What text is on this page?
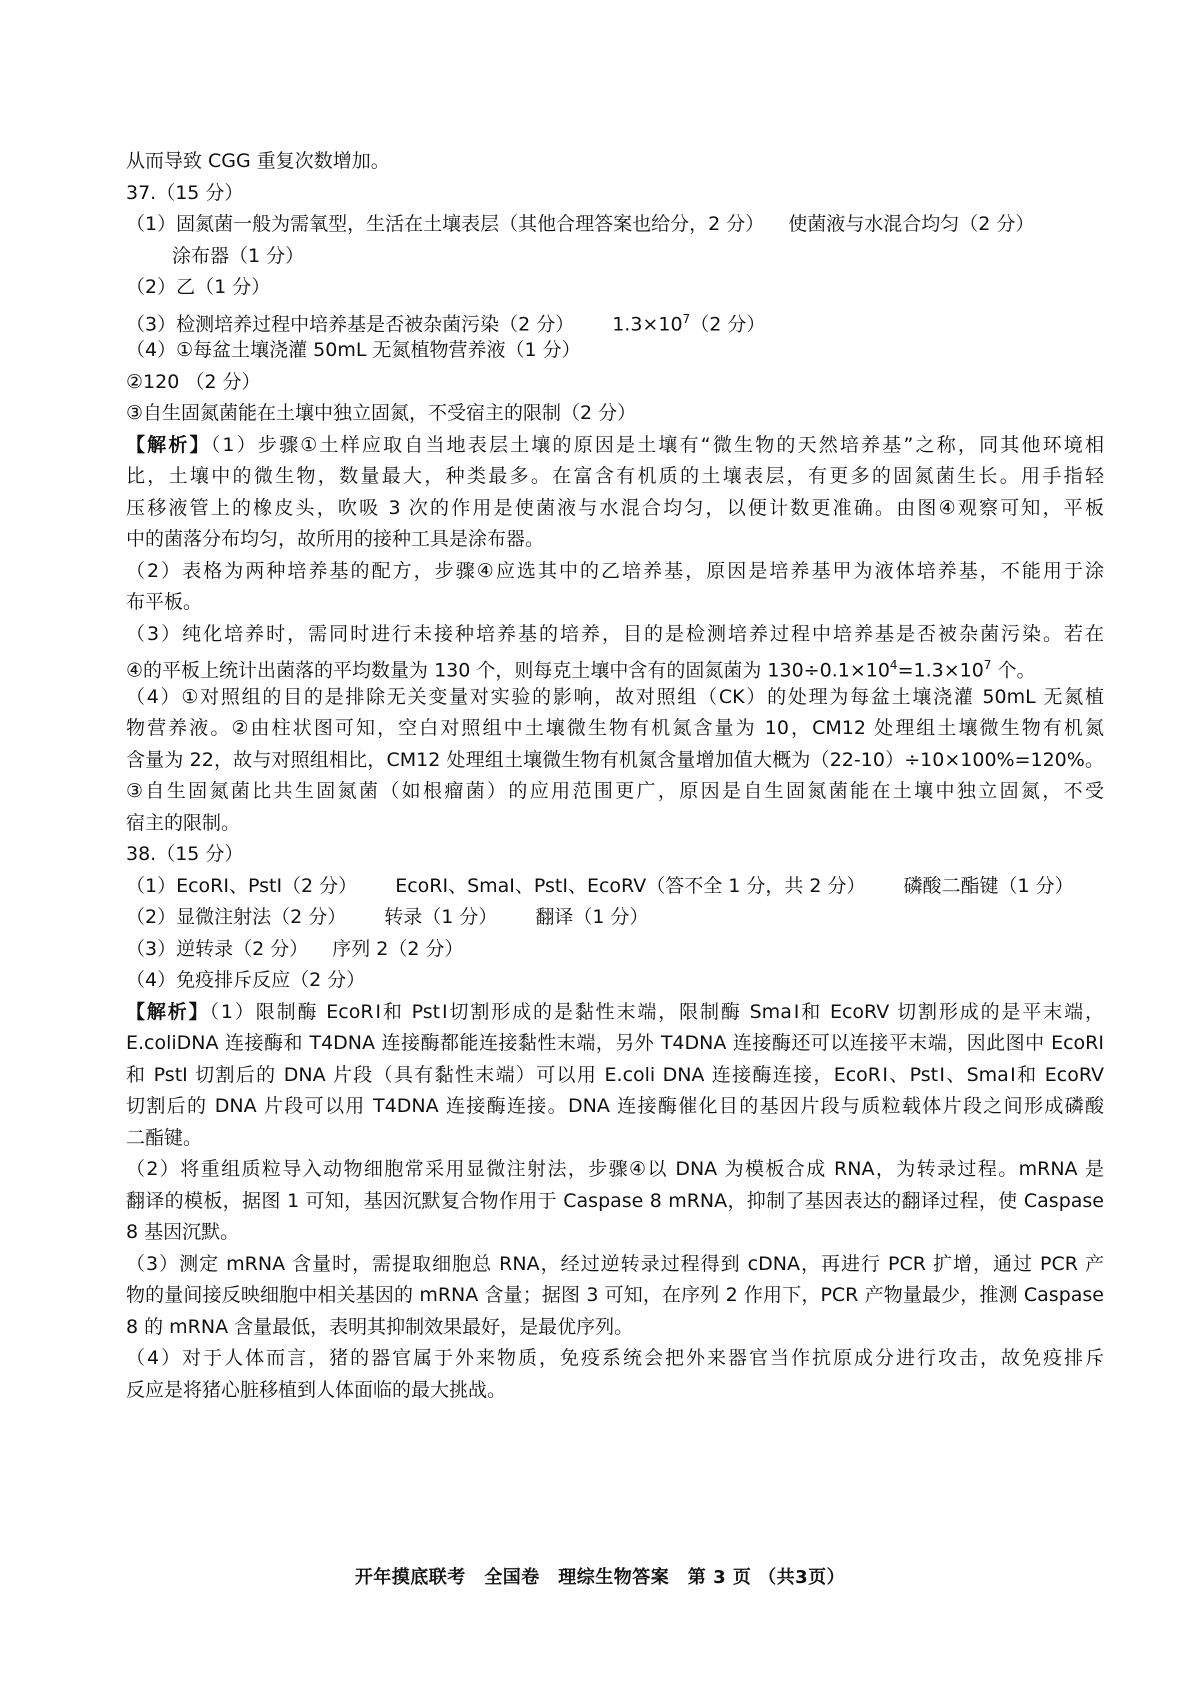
从而导致 CGG 重复次数增加。
37.（15 分）
（1）固氮菌一般为需氧型，生活在土壤表层（其他合理答案也给分，2 分） 使菌液与水混合均匀（2 分）
涂布器（1 分）
（2）乙（1 分）
（3）检测培养过程中培养基是否被杂菌污染（2 分） $1.3\times 10^7(2$ 分）
（4）①每盆土壤浇灌 50mL 无氮植物营养液（1 分）
②120 （2 分）
③自生固氮菌能在土壤中独立固氮，不受宿主的限制（2 分）
【解析】（1）步骤①土样应取自当地表层土壤的原因是土壤有“微生物的天然培养基”之称，同其他环境相
比，土壤中的微生物，数量最大，种类最多。在富含有机质的土壤表层，有更多的固氮菌生长。用手指轻
压移液管上的橡皮头，吹吸 3 次的作用是使菌液与水混合均匀，以便计数更准确。由图④观察可知，平板
中的菌落分布均匀，故所用的接种工具是涂布器。
（2）表格为两种培养基的配方，步骤④应选其中的乙培养基，原因是培养基甲为液体培养基，不能用于涂
布平板。
（3）纯化培养时，需同时进行未接种培养基的培养，目的是检测培养过程中培养基是否被杂菌污染。若在
④的平板上统计出菌落的平均数量为 130 个，则每克土壤中含有的固氮菌为 $130\div 0.1\times 10^4=1.3\times 10^7$ 个。
（4）①对照组的目的是排除无关变量对实验的影响，故对照组（CK）的处理为每盆土壤浇灌 50mL 无氮植
物营养液。②由柱状图可知，空白对照组中土壤微生物有机氮含量为 10，CM12 处理组土壤微生物有机氮
含量为 22，故与对照组相比，CM12 处理组土壤微生物有机氮含量增加值大概为（22-10）÷10×100%=120%。
③自生固氮菌比共生固氮菌（如根瘤菌）的应用范围更广，原因是自生固氮菌能在土壤中独立固氮，不受
宿主的限制。
38.（15 分）
（1）EcoRI、PstI（2 分） EcoRI、SmaI、PstⅠ、EcoRV（答不全 1 分，共 2 分） 磷酸二酯键（1 分）
（2）显微注射法（2 分） 转录（1 分） 翻译（1 分）
（3）逆转录（2 分） 序列 2（2 分）
（4）免疫排斥反应（2 分）
【解析】（1）限制酶 EcoRⅠ和 PstⅠ切割形成的是黏性末端，限制酶 SmaⅠ和 EcoRV 切割形成的是平末端，
E.coliDNA 连接酶和 T4DNA 连接酶都能连接黏性末端，另外 T4DNA 连接酶还可以连接平末端，因此图中 EcoRI
和 PstI 切割后的 DNA 片段（具有黏性末端）可以用 E.coli DNA 连接酶连接，EcoRⅠ、PstⅠ、SmaⅠ和 EcoRV
切割后的 DNA 片段可以用 T4DNA 连接酶连接。DNA 连接酶催化目的基因片段与质粒载体片段之间形成磷酸
二酯键。
（2）将重组质粒导入动物细胞常采用显微注射法，步骤④以 DNA 为模板合成 RNA，为转录过程。mRNA 是
翻译的模板，据图 1 可知，基因沉默复合物作用于 Caspase 8 mRNA，抑制了基因表达的翻译过程，使 Caspase
8 基因沉默。
（3）测定 mRNA 含量时，需提取细胞总 RNA，经过逆转录过程得到 cDNA，再进行 PCR 扩增，通过 PCR 产
物的量间接反映细胞中相关基因的 mRNA 含量；据图 3 可知，在序列 2 作用下，PCR 产物量最少，推测 Caspase
8 的 mRNA 含量最低，表明其抑制效果最好，是最优序列。
（4）对于人体而言，猪的器官属于外来物质，免疫系统会把外来器官当作抗原成分进行攻击，故免疫排斥
反应是将猪心脏移植到人体面临的最大挑战。
开年摸底联考　全国卷　理综生物答案　第 3 页 （共3页）
